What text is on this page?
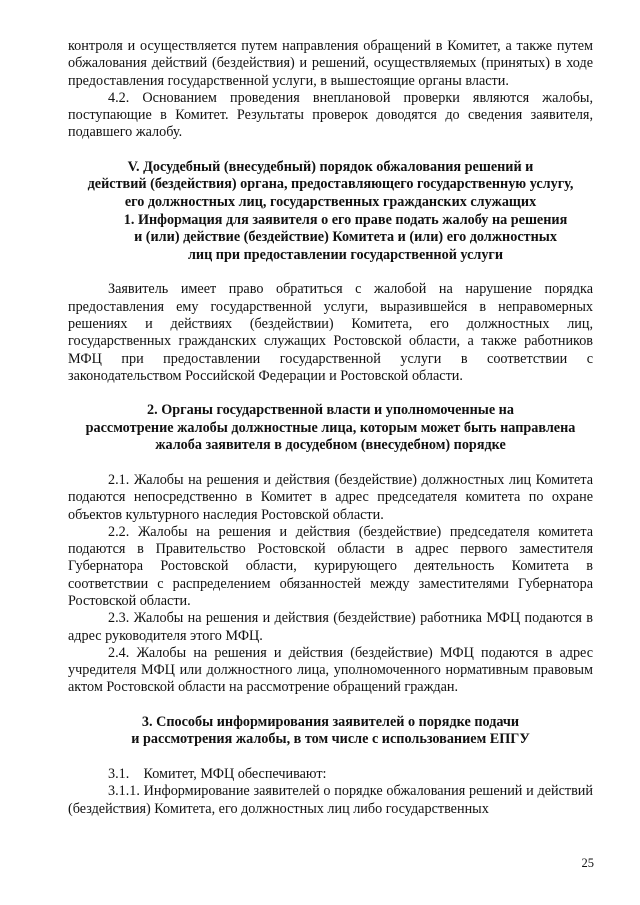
контроля и осуществляется путем направления обращений в Комитет, а также путем обжалования действий (бездействия) и решений, осуществляемых (принятых) в ходе предоставления государственной услуги, в вышестоящие органы власти.

4.2. Основанием проведения внеплановой проверки являются жалобы, поступающие в Комитет. Результаты проверок доводятся до сведения заявителя, подавшего жалобу.

V. Досудебный (внесудебный) порядок обжалования решений и
действий (бездействия) органа, предоставляющего государственную услугу,
его должностных лиц, государственных гражданских служащих
1. Информация для заявителя о его праве подать жалобу на решения
и (или) действие (бездействие) Комитета и (или) его должностных
лиц при предоставлении государственной услуги

Заявитель имеет право обратиться с жалобой на нарушение порядка предоставления ему государственной услуги, выразившейся в неправомерных решениях и действиях (бездействии) Комитета, его должностных лиц, государственных гражданских служащих Ростовской области, а также работников МФЦ при предоставлении государственной услуги в соответствии с законодательством Российской Федерации и Ростовской области.

2. Органы государственной власти и уполномоченные на
рассмотрение жалобы должностные лица, которым может быть направлена
жалоба заявителя в досудебном (внесудебном) порядке

2.1. Жалобы на решения и действия (бездействие) должностных лиц Комитета подаются непосредственно в Комитет в адрес председателя комитета по охране объектов культурного наследия Ростовской области.

2.2. Жалобы на решения и действия (бездействие) председателя комитета подаются в Правительство Ростовской области в адрес первого заместителя Губернатора Ростовской области, курирующего деятельность Комитета в соответствии с распределением обязанностей между заместителями Губернатора Ростовской области.

2.3. Жалобы на решения и действия (бездействие) работника МФЦ подаются в адрес руководителя этого МФЦ.

2.4. Жалобы на решения и действия (бездействие) МФЦ подаются в адрес учредителя МФЦ или должностного лица, уполномоченного нормативным правовым актом Ростовской области на рассмотрение обращений граждан.

3. Способы информирования заявителей о порядке подачи
и рассмотрения жалобы, в том числе с использованием ЕПГУ

3.1.    Комитет, МФЦ обеспечивают:

3.1.1. Информирование заявителей о порядке обжалования решений и действий (бездействия) Комитета, его должностных лиц либо государственных

25
